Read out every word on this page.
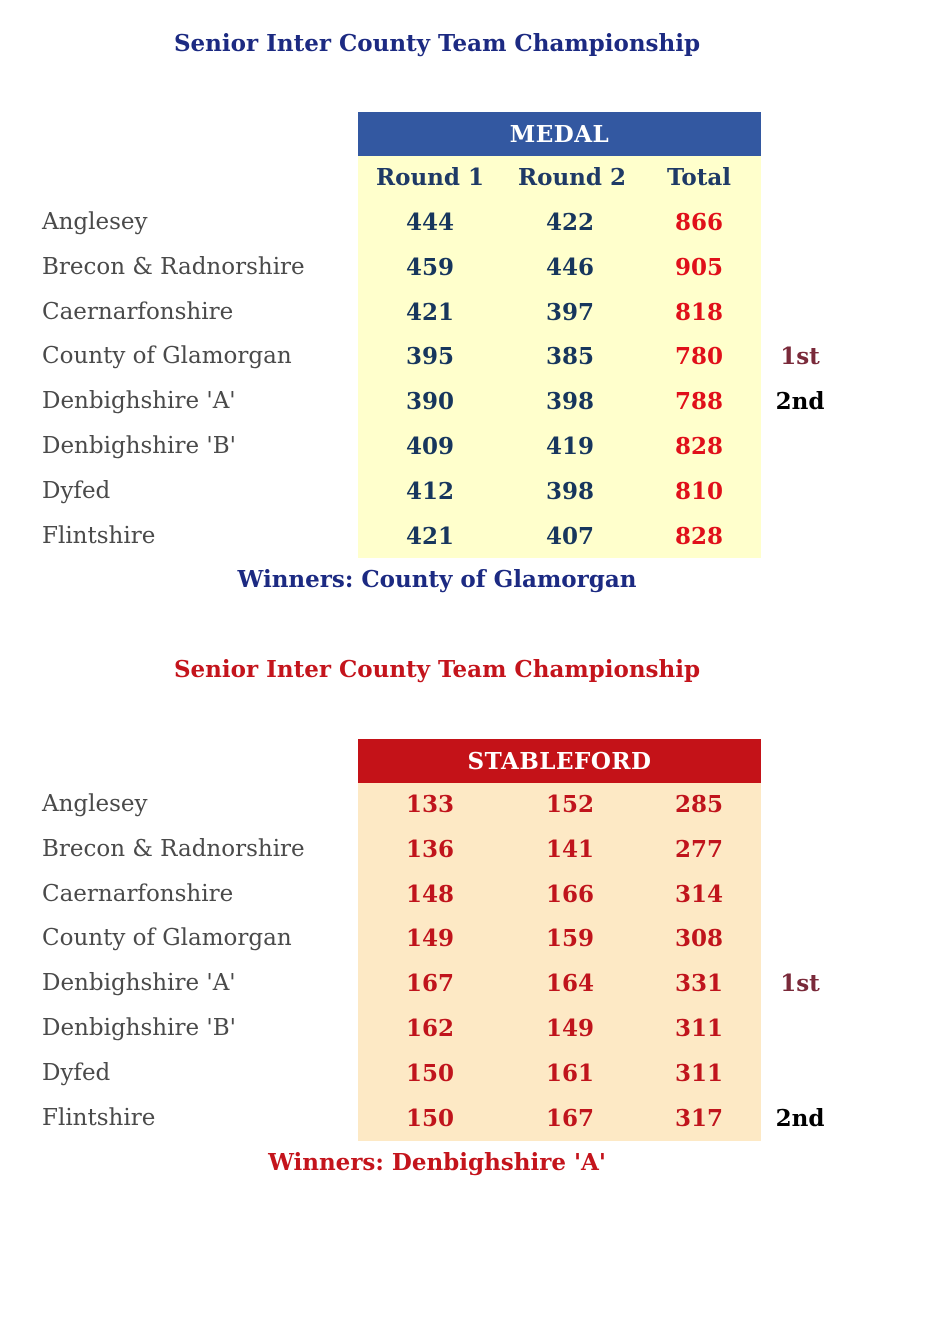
Senior Inter County Team Championship
MEDAL
Round 1	Round 2	Total
Anglesey	444	422	866
Brecon & Radnorshire	459	446	905
Caernarfonshire	421	397	818
County of Glamorgan	395	385	780	1st
Denbighshire 'A'	390	398	788	2nd
Denbighshire 'B'	409	419	828
Dyfed	412	398	810
Flintshire	421	407	828
Winners: County of Glamorgan
Senior Inter County Team Championship
STABLEFORD
Anglesey	133	152	285
Brecon & Radnorshire	136	141	277
Caernarfonshire	148	166	314
County of Glamorgan	149	159	308
Denbighshire 'A'	167	164	331	1st
Denbighshire 'B'	162	149	311
Dyfed	150	161	311
Flintshire	150	167	317	2nd
Winners: Denbighshire 'A'
